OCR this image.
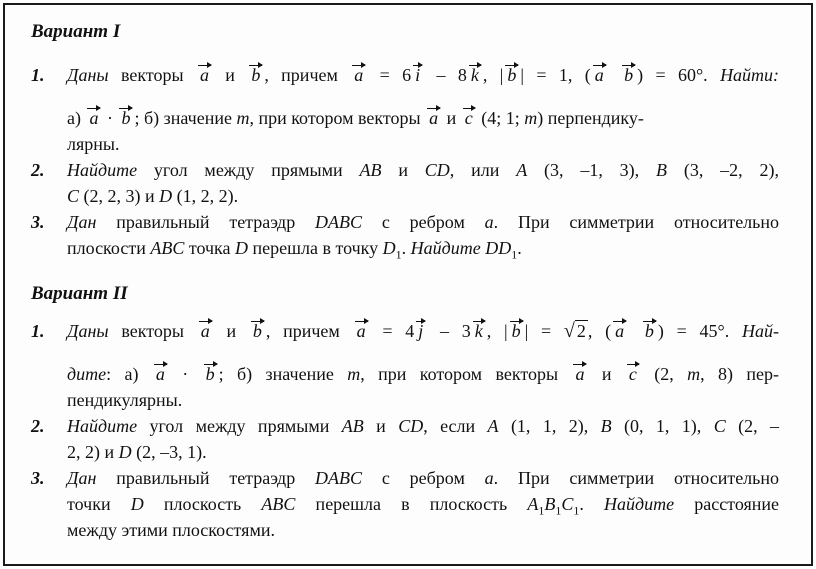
Вариант I
1. Даны векторы a и b , причем a = 6 i – 8 k , | b | = 1, ( a b ) = 60°. Найти:
а) a · b ; б) значение m, при котором векторы a и c (4; 1; m) перпендику-
лярны.
2. Найдите угол между прямыми AB и CD, или A (3, –1, 3), B (3, –2, 2),
C (2, 2, 3) и D (1, 2, 2).
3. Дан правильный тетраэдр DABC с ребром a. При симметрии относительно
плоскости ABC точка D перешла в точку $D_1$. Найдите $DD_1$.
Вариант II
1. Даны векторы a и b , причем a = 4 j – 3 k , | b | = √ 2 , ( a b ) = 45°. Най-
дите: а) a · b ; б) значение m, при котором векторы a и c (2, m, 8) пер-
пендикулярны.
2. Найдите угол между прямыми AB и CD, если A (1, 1, 2), B (0, 1, 1), C (2, –
2, 2) и D (2, –3, 1).
3. Дан правильный тетраэдр DABC с ребром a. При симметрии относительно
точки D плоскость ABC перешла в плоскость $A_1B_1C_1$. Найдите расстояние
между этими плоскостями.
